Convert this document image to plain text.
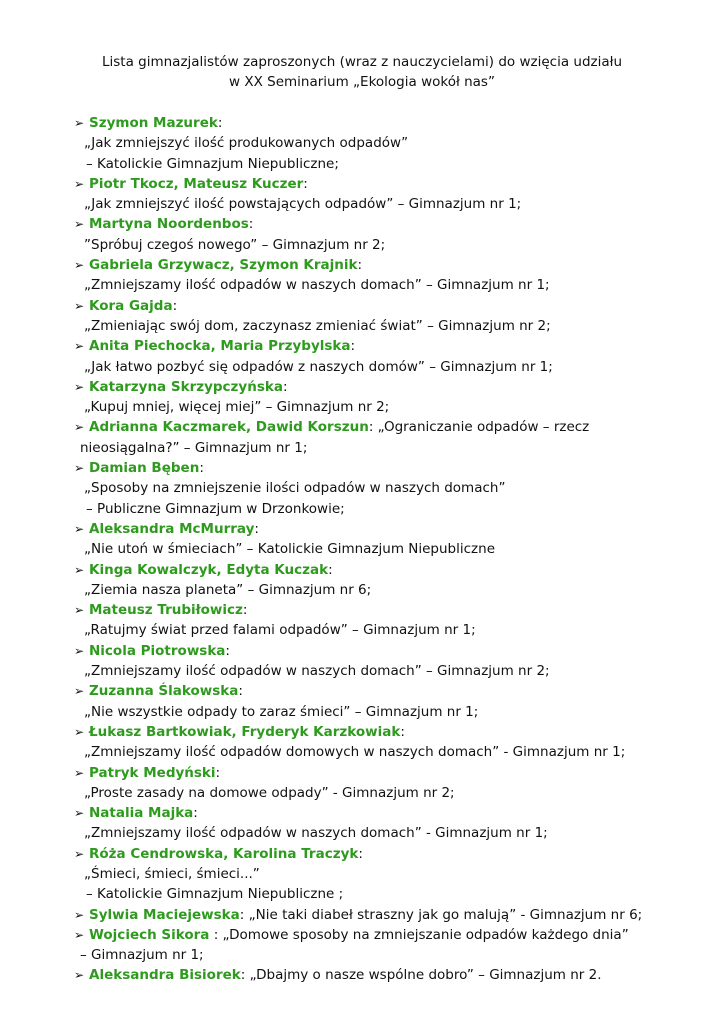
Lista gimnazjalistów zaproszonych (wraz z nauczycielami) do wzięcia udziału
w XX Seminarium „Ekologia wokół nas”
➢ Szymon Mazurek:
„Jak zmniejszyć ilość produkowanych odpadów”
– Katolickie Gimnazjum Niepubliczne;
➢ Piotr Tkocz, Mateusz Kuczer:
„Jak zmniejszyć ilość powstających odpadów” – Gimnazjum nr 1;
➢ Martyna Noordenbos:
”Spróbuj czegoś nowego” – Gimnazjum nr 2;
➢ Gabriela Grzywacz, Szymon Krajnik:
„Zmniejszamy ilość odpadów w naszych domach” – Gimnazjum nr 1;
➢ Kora Gajda:
„Zmieniając swój dom, zaczynasz zmieniać świat” – Gimnazjum nr 2;
➢ Anita Piechocka, Maria Przybylska:
„Jak łatwo pozbyć się odpadów z naszych domów” – Gimnazjum nr 1;
➢ Katarzyna Skrzypczyńska:
„Kupuj mniej, więcej miej” – Gimnazjum nr 2;
➢ Adrianna Kaczmarek, Dawid Korszun: „Ograniczanie odpadów – rzecz
nieosiągalna?” – Gimnazjum nr 1;
➢ Damian Bęben:
„Sposoby na zmniejszenie ilości odpadów w naszych domach”
– Publiczne Gimnazjum w Drzonkowie;
➢ Aleksandra McMurray:
„Nie utoń w śmieciach” – Katolickie Gimnazjum Niepubliczne
➢ Kinga Kowalczyk, Edyta Kuczak:
„Ziemia nasza planeta” – Gimnazjum nr 6;
➢ Mateusz Trubiłowicz:
„Ratujmy świat przed falami odpadów” – Gimnazjum nr 1;
➢ Nicola Piotrowska:
„Zmniejszamy ilość odpadów w naszych domach” – Gimnazjum nr 2;
➢ Zuzanna Ślakowska:
„Nie wszystkie odpady to zaraz śmieci” – Gimnazjum nr 1;
➢ Łukasz Bartkowiak, Fryderyk Karzkowiak:
„Zmniejszamy ilość odpadów domowych w naszych domach” - Gimnazjum nr 1;
➢ Patryk Medyński:
„Proste zasady na domowe odpady” - Gimnazjum nr 2;
➢ Natalia Majka:
„Zmniejszamy ilość odpadów w naszych domach” - Gimnazjum nr 1;
➢ Róża Cendrowska, Karolina Traczyk:
„Śmieci, śmieci, śmieci...”
– Katolickie Gimnazjum Niepubliczne ;
➢ Sylwia Maciejewska: „Nie taki diabeł straszny jak go malują” - Gimnazjum nr 6;
➢ Wojciech Sikora : „Domowe sposoby na zmniejszanie odpadów każdego dnia”
– Gimnazjum nr 1;
➢ Aleksandra Bisiorek: „Dbajmy o nasze wspólne dobro” – Gimnazjum nr 2.
